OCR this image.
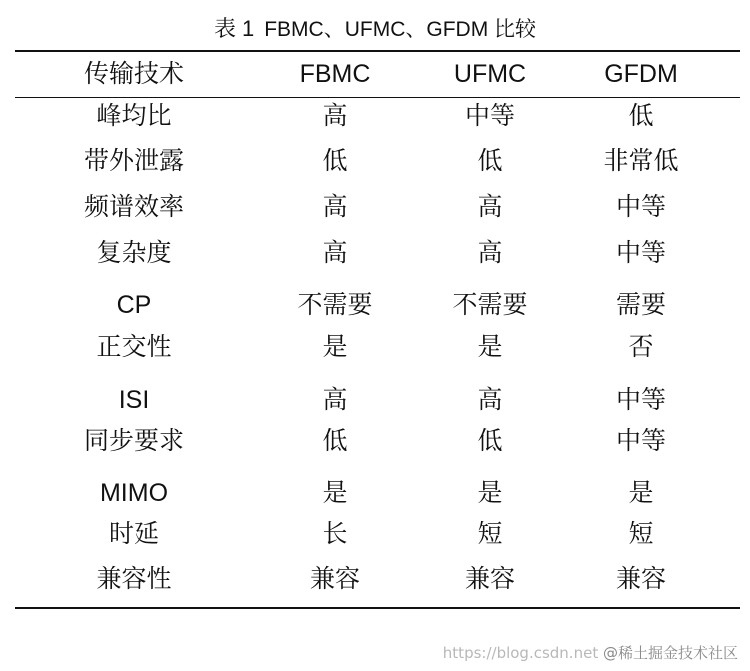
表 1 FBMC、UFMC、GFDM 比较
传输技术	FBMC	UFMC	GFDM
峰均比	高	中等	低
带外泄露	低	低	非常低
频谱效率	高	高	中等
复杂度	高	高	中等
CP	不需要	不需要	需要
正交性	是	是	否
ISI	高	高	中等
同步要求	低	低	中等
MIMO	是	是	是
时延	长	短	短
兼容性	兼容	兼容	兼容
https://blog.csdn.net @稀土掘金技术社区
